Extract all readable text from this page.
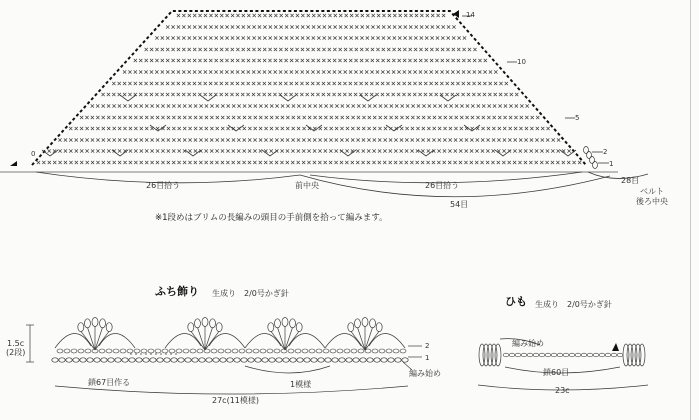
×××××××××××××××××××××××××××××××××××××××××××××××××××××××××××××××××××××××××××××××××××××××××××××××××××××
×××××××××××××××××××××××××××××××××××××××××××××××××××××××××××××××××××××××××××××××××××××××××××××××××
×××××××××××××××××××××××××××××××××××××××××××××××××××××××××××××××××××××××××××××××××××××××××××××
×××××××××××××××××××××××××××××××××××××××××××××××××××××××××××××××××××××××××××××××××××××××××
×××××××××××××××××××××××××××××××××××××××××××××××××××××××××××××××××××××××××××××××××××××
×××××××××××××××××××××××××××××××××××××××××××××××××××××××××××××××××××××××××××××××××
××××××××××××××××××××××××××××××××××××××××××××××××××××××××××××××××××××××××××××××
××××××××××××××××××××××××××××××××××××××××××××××××××××××××××××××××××××××××××
××××××××××××××××××××××××××××××××××××××××××××××××××××××××××××××××××××××
××××××××××××××××××××××××××××××××××××××××××××××××××××××××××××××××××
××××××××××××××××××××××××××××××××××××××××××××××××××××××××××××××
××××××××××××××××××××××××××××××××××××××××××××××××××××××××××
××××××××××××××××××××××××××××××××××××××××××××××××××××××
××××××××××××××××××××××××××××××××××××××××××××××××××	14
10
5
2
1
0
26目拾う	前中央	26目拾う
28目
54目
ベルト
後ろ中央
※1段めはブリムの長編みの頭目の手前側を拾って編みます。
ふち飾り 生成り　2/0号かぎ針
1.5c
(2段)
2
1
鎖67目作る	1模様
編み始め
27c(11模様)
ひも 生成り　2/0号かぎ針
編み始め
鎖60目
23c
